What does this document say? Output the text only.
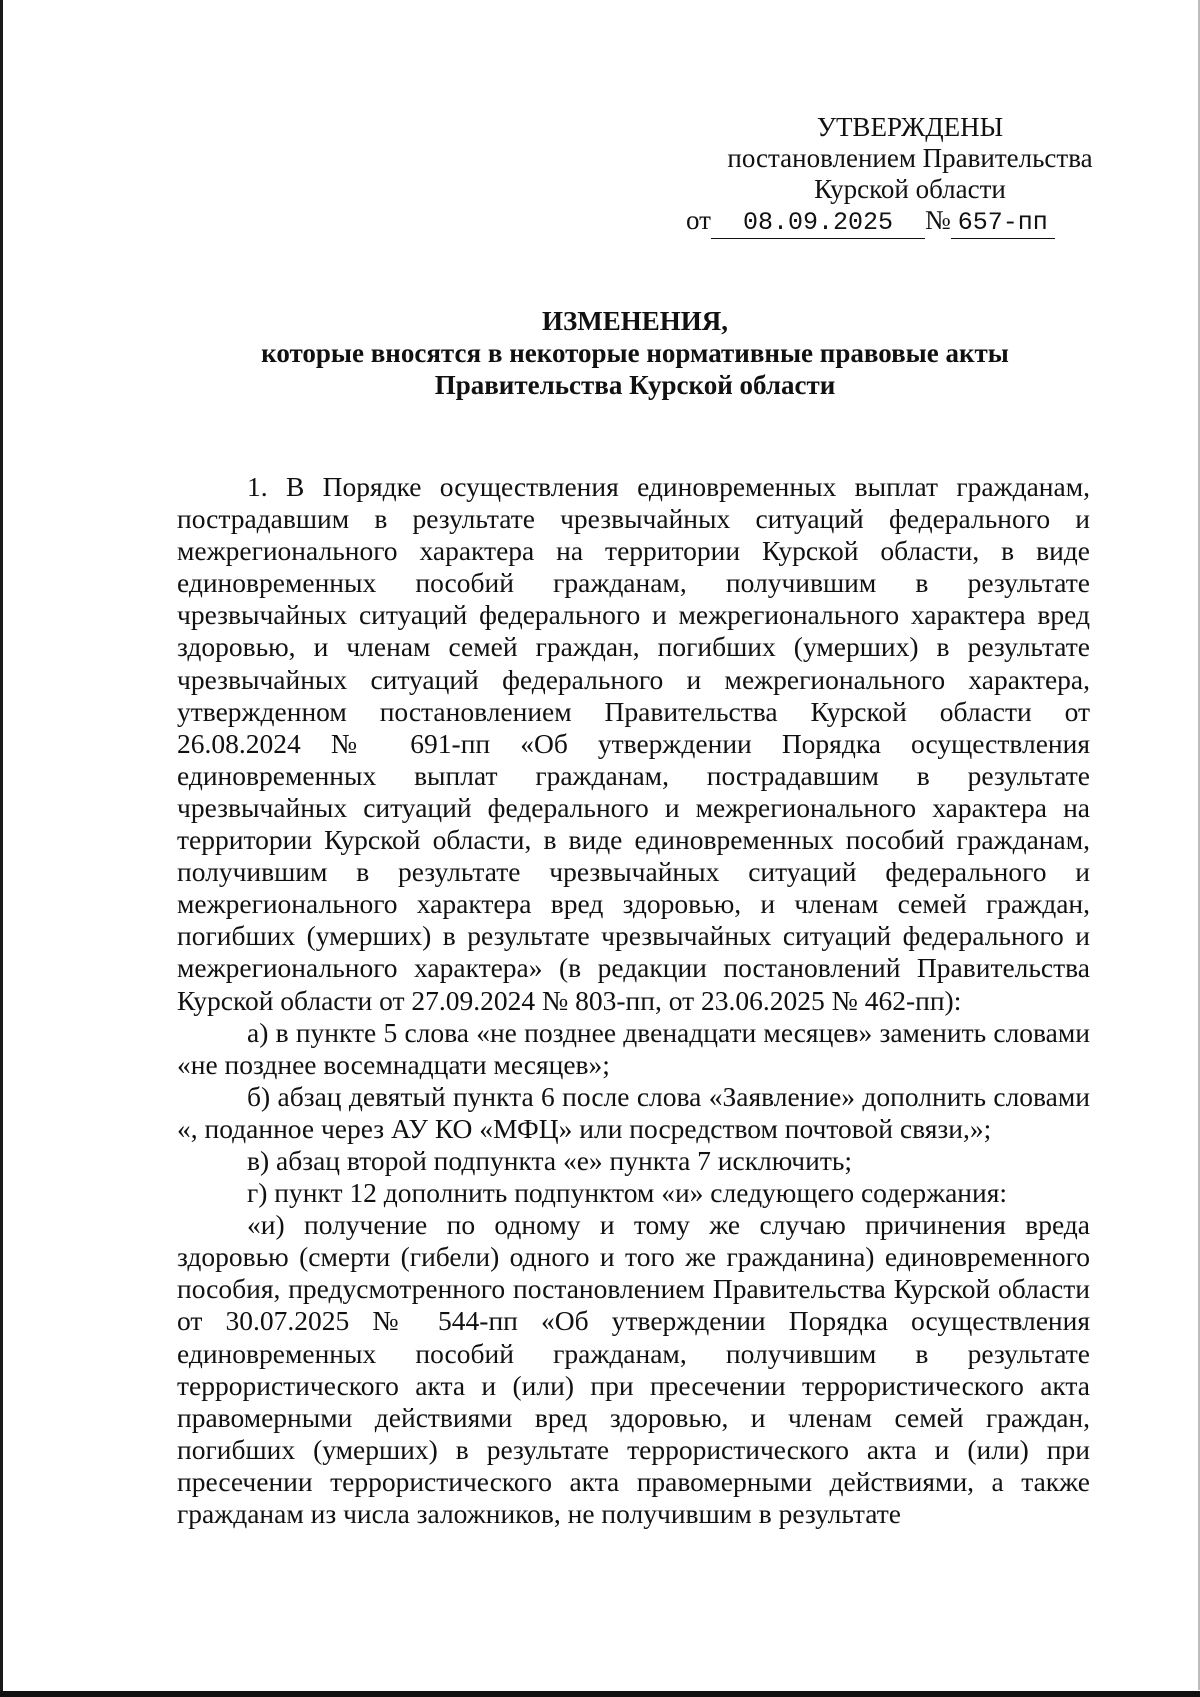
УТВЕРЖДЕНЫ
постановлением Правительства
Курской области
от	08.09.2025	№ 657-пп
ИЗМЕНЕНИЯ,
которые вносятся в некоторые нормативные правовые акты
Правительства Курской области

1. В Порядке осуществления единовременных выплат гражданам, пострадавшим в результате чрезвычайных ситуаций федерального и межрегионального характера на территории Курской области, в виде единовременных пособий гражданам, получившим в результате чрезвычайных ситуаций федерального и межрегионального характера вред здоровью, и членам семей граждан, погибших (умерших) в результате чрезвычайных ситуаций федерального и межрегионального характера, утвержденном постановлением Правительства Курской области от 26.08.2024 № 691-пп «Об утверждении Порядка осуществления единовременных выплат гражданам, пострадавшим в результате чрезвычайных ситуаций федерального и межрегионального характера на территории Курской области, в виде единовременных пособий гражданам, получившим в результате чрезвычайных ситуаций федерального и межрегионального характера вред здоровью, и членам семей граждан, погибших (умерших) в результате чрезвычайных ситуаций федерального и межрегионального характера» (в редакции постановлений Правительства Курской области от 27.09.2024 № 803-пп, от 23.06.2025 № 462-пп):

а) в пункте 5 слова «не позднее двенадцати месяцев» заменить словами «не позднее восемнадцати месяцев»;

б) абзац девятый пункта 6 после слова «Заявление» дополнить словами «, поданное через АУ КО «МФЦ» или посредством почтовой связи,»;

в) абзац второй подпункта «е» пункта 7 исключить;

г) пункт 12 дополнить подпунктом «и» следующего содержания:

«и) получение по одному и тому же случаю причинения вреда здоровью (смерти (гибели) одного и того же гражданина) единовременного пособия, предусмотренного постановлением Правительства Курской области от 30.07.2025 № 544-пп «Об утверждении Порядка осуществления единовременных пособий гражданам, получившим в результате террористического акта и (или) при пресечении террористического акта правомерными действиями вред здоровью, и членам семей граждан, погибших (умерших) в результате террористического акта и (или) при пресечении террористического акта правомерными действиями, а также гражданам из числа заложников, не получившим в результате
